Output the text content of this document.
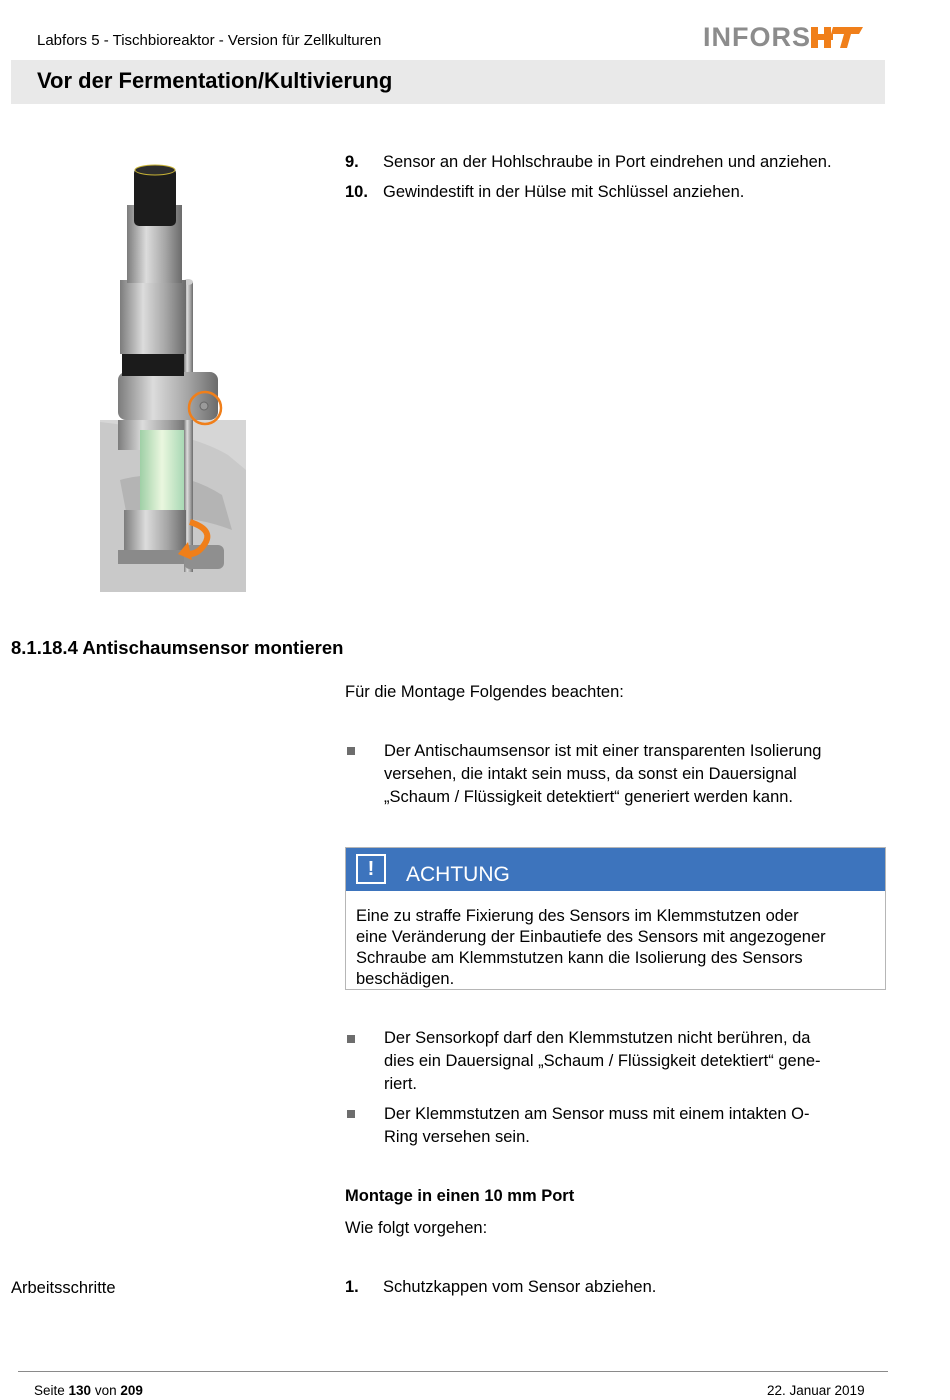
Labfors 5 - Tischbioreaktor - Version für Zellkulturen	INFORS
Vor der Fermentation/Kultivierung
9. Sensor an der Hohlschraube in Port eindrehen und anziehen.
10. Gewindestift in der Hülse mit Schlüssel anziehen.
8.1.18.4 Antischaumsensor montieren
Für die Montage Folgendes beachten:
Der Antischaumsensor ist mit einer transparenten Isolierung
versehen, die intakt sein muss, da sonst ein Dauersignal
„Schaum / Flüssigkeit detektiert“ generiert werden kann.
!	ACHTUNG
Eine zu straffe Fixierung des Sensors im Klemmstutzen oder
eine Veränderung der Einbautiefe des Sensors mit angezogener
Schraube am Klemmstutzen kann die Isolierung des Sensors
beschädigen.
Der Sensorkopf darf den Klemmstutzen nicht berühren, da
dies ein Dauersignal „Schaum / Flüssigkeit detektiert“ gene-
riert.
Der Klemmstutzen am Sensor muss mit einem intakten O-
Ring versehen sein.
Montage in einen 10 mm Port
Wie folgt vorgehen:
Arbeitsschritte	1. Schutzkappen vom Sensor abziehen.
Seite 130 von 209	22. Januar 2019
